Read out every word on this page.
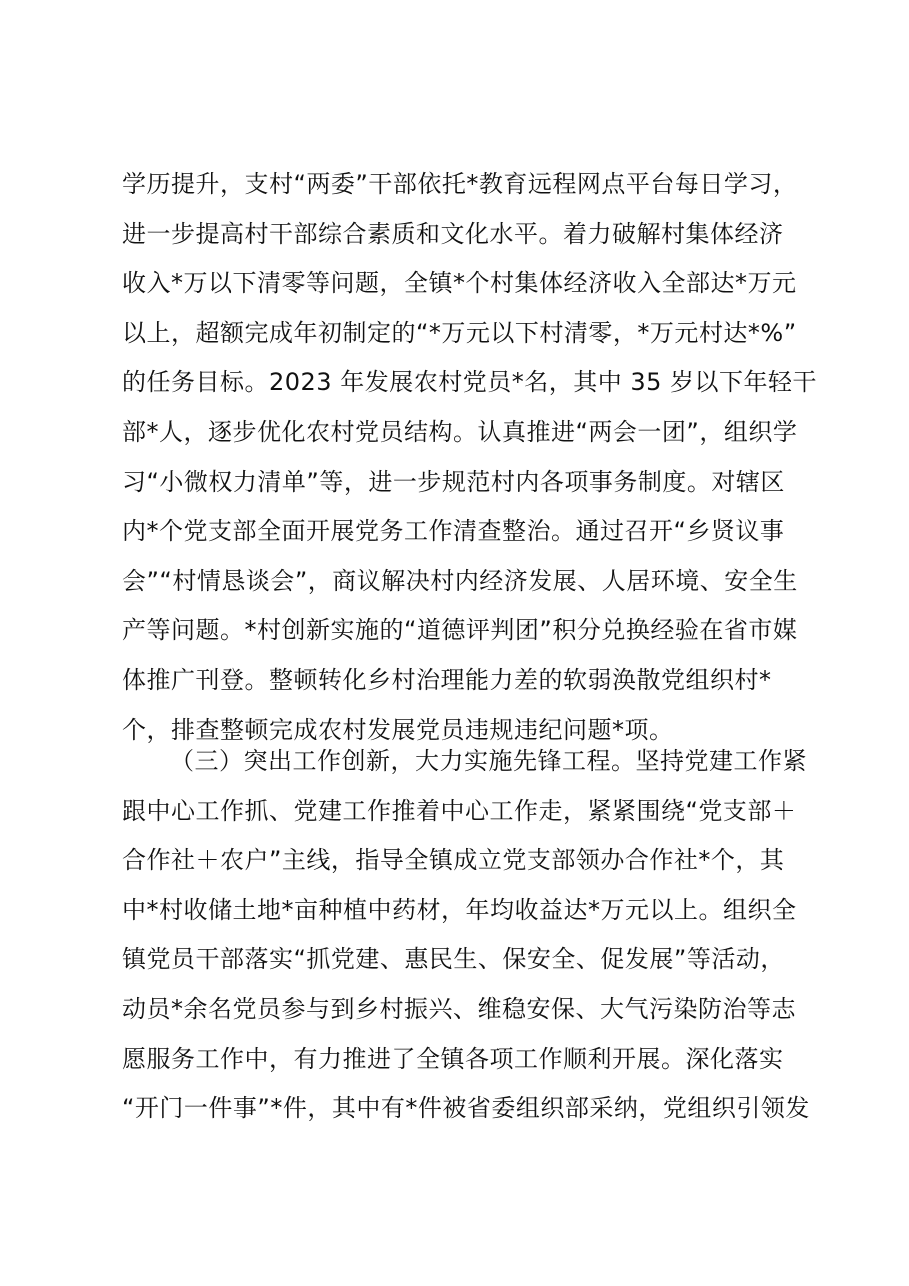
学历提升，支村“两委”干部依托*教育远程网点平台每日学习，
进一步提高村干部综合素质和文化水平。着力破解村集体经济
收入*万以下清零等问题，全镇*个村集体经济收入全部达*万元
以上，超额完成年初制定的“*万元以下村清零，*万元村达*%”
的任务目标。2023 年发展农村党员*名，其中 35 岁以下年轻干
部*人，逐步优化农村党员结构。认真推进“两会一团”，组织学
习“小微权力清单”等，进一步规范村内各项事务制度。对辖区
内*个党支部全面开展党务工作清查整治。通过召开“乡贤议事
会”“村情恳谈会”，商议解决村内经济发展、人居环境、安全生
产等问题。*村创新实施的“道德评判团”积分兑换经验在省市媒
体推广刊登。整顿转化乡村治理能力差的软弱涣散党组织村*
个，排查整顿完成农村发展党员违规违纪问题*项。
（三）突出工作创新，大力实施先锋工程。坚持党建工作紧
跟中心工作抓、党建工作推着中心工作走，紧紧围绕“党支部＋
合作社＋农户”主线，指导全镇成立党支部领办合作社*个，其
中*村收储土地*亩种植中药材，年均收益达*万元以上。组织全
镇党员干部落实“抓党建、惠民生、保安全、促发展”等活动，
动员*余名党员参与到乡村振兴、维稳安保、大气污染防治等志
愿服务工作中，有力推进了全镇各项工作顺利开展。深化落实
“开门一件事”*件，其中有*件被省委组织部采纳，党组织引领发
